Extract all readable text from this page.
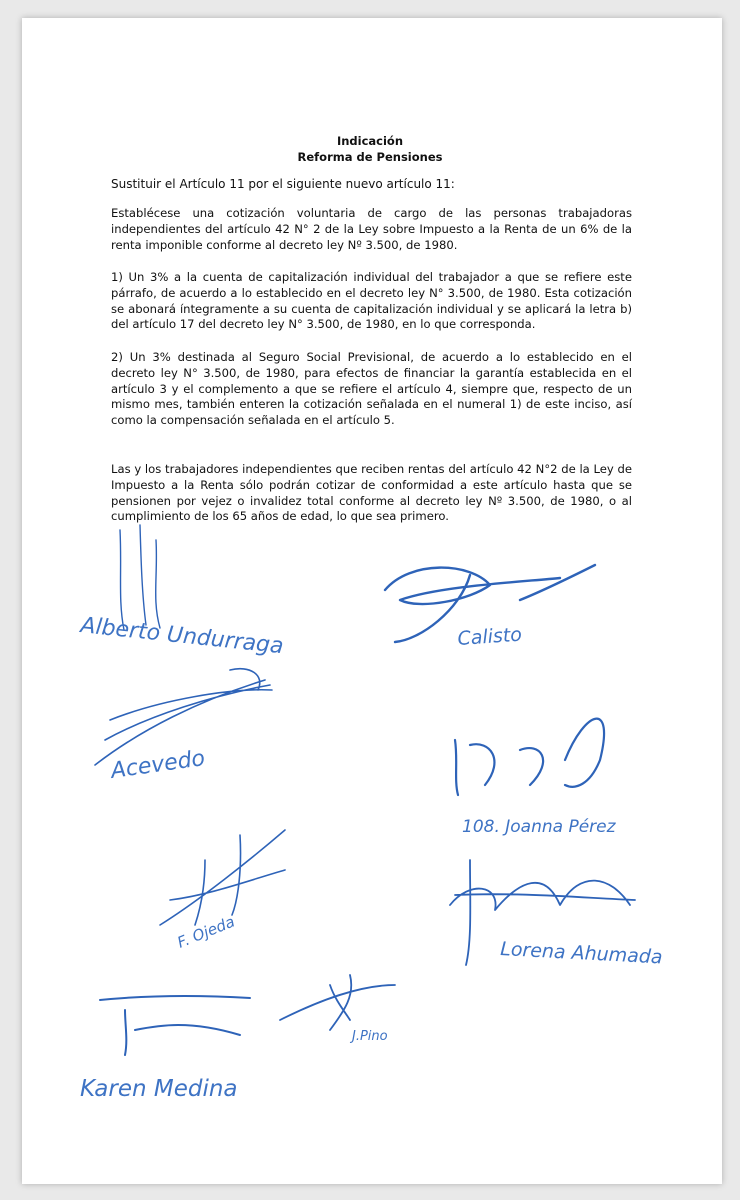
Indicación
Reforma de Pensiones
Sustituir el Artículo 11 por el siguiente nuevo artículo 11:

Establécese una cotización voluntaria de cargo de las personas trabajadoras independientes del artículo 42 N° 2 de la Ley sobre Impuesto a la Renta de un 6% de la renta imponible conforme al decreto ley Nº 3.500, de 1980.

1) Un 3% a la cuenta de capitalización individual del trabajador a que se refiere este párrafo, de acuerdo a lo establecido en el decreto ley N° 3.500, de 1980. Esta cotización se abonará íntegramente a su cuenta de capitalización individual y se aplicará la letra b) del artículo 17 del decreto ley N° 3.500, de 1980, en lo que corresponda.

2) Un 3% destinada al Seguro Social Previsional, de acuerdo a lo establecido en el decreto ley N° 3.500, de 1980, para efectos de financiar la garantía establecida en el artículo 3 y el complemento a que se refiere el artículo 4, siempre que, respecto de un mismo mes, también enteren la cotización señalada en el numeral 1) de este inciso, así como la compensación señalada en el artículo 5.

Las y los trabajadores independientes que reciben rentas del artículo 42 N°2 de la Ley de Impuesto a la Renta sólo podrán cotizar de conformidad a este artículo hasta que se pensionen por vejez o invalidez total conforme al decreto ley Nº 3.500, de 1980, o al cumplimiento de los 65 años de edad, lo que sea primero.

Alberto Undurraga	Calisto
Acevedo
108. Joanna Pérez
F. Ojeda
Lorena Ahumada
J.Pino
Karen Medina
